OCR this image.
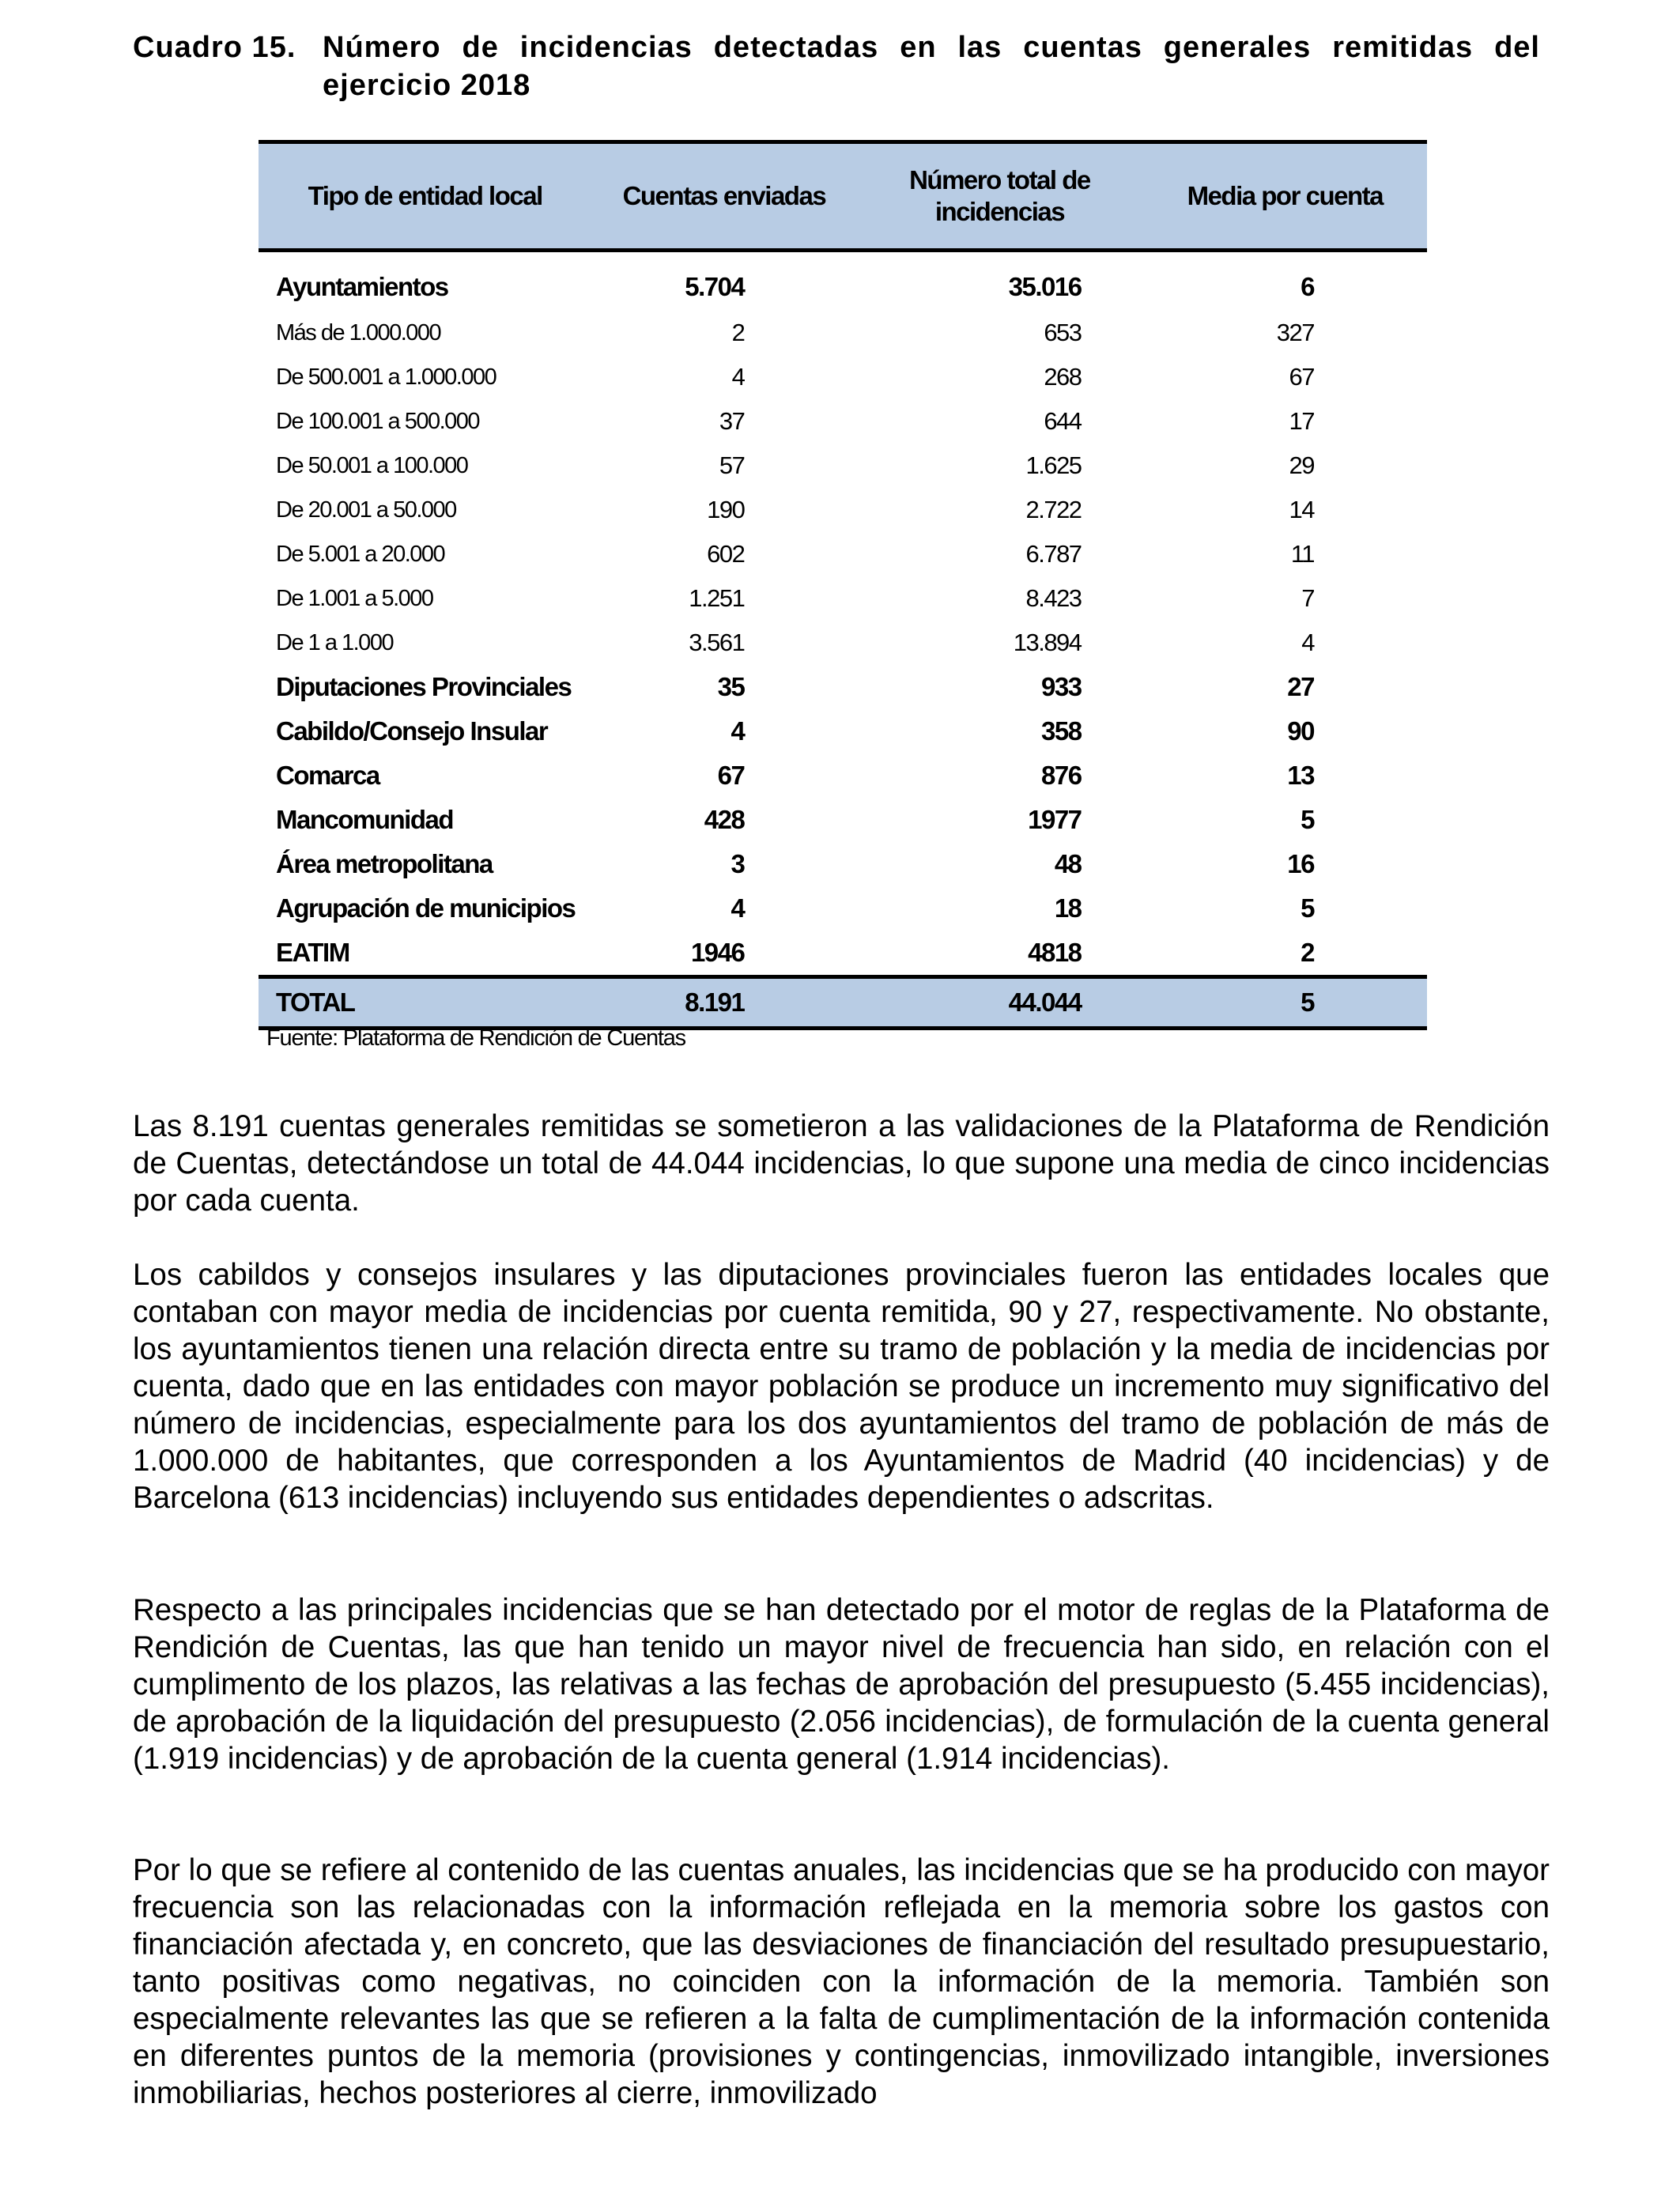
Cuadro 15. Número de incidencias detectadas en las cuentas generales remitidas del ejercicio 2018
Tipo de entidad local	Cuentas enviadas	Número total de incidencias	Media por cuenta
Ayuntamientos	5.704	35.016	6
Más de 1.000.000	2	653	327
De 500.001 a 1.000.000	4	268	67
De 100.001 a 500.000	37	644	17
De 50.001 a 100.000	57	1.625	29
De 20.001 a 50.000	190	2.722	14
De 5.001 a 20.000	602	6.787	11
De 1.001 a 5.000	1.251	8.423	7
De 1 a 1.000	3.561	13.894	4
Diputaciones Provinciales	35	933	27
Cabildo/Consejo Insular	4	358	90
Comarca	67	876	13
Mancomunidad	428	1977	5
Área metropolitana	3	48	16
Agrupación de municipios	4	18	5
EATIM	1946	4818	2
TOTAL	8.191	44.044	5
Fuente: Plataforma de Rendición de Cuentas

Las 8.191 cuentas generales remitidas se sometieron a las validaciones de la Plataforma de Rendición de Cuentas, detectándose un total de 44.044 incidencias, lo que supone una media de cinco incidencias por cada cuenta.

Los cabildos y consejos insulares y las diputaciones provinciales fueron las entidades locales que contaban con mayor media de incidencias por cuenta remitida, 90 y 27, respectivamente. No obstante, los ayuntamientos tienen una relación directa entre su tramo de población y la media de incidencias por cuenta, dado que en las entidades con mayor población se produce un incremento muy significativo del número de incidencias, especialmente para los dos ayuntamientos del tramo de población de más de 1.000.000 de habitantes, que corresponden a los Ayuntamientos de Madrid (40 incidencias) y de Barcelona (613 incidencias) incluyendo sus entidades dependientes o adscritas.

Respecto a las principales incidencias que se han detectado por el motor de reglas de la Plataforma de Rendición de Cuentas, las que han tenido un mayor nivel de frecuencia han sido, en relación con el cumplimento de los plazos, las relativas a las fechas de aprobación del presupuesto (5.455 incidencias), de aprobación de la liquidación del presupuesto (2.056 incidencias), de formulación de la cuenta general (1.919 incidencias) y de aprobación de la cuenta general (1.914 incidencias).

Por lo que se refiere al contenido de las cuentas anuales, las incidencias que se ha producido con mayor frecuencia son las relacionadas con la información reflejada en la memoria sobre los gastos con financiación afectada y, en concreto, que las desviaciones de financiación del resultado presupuestario, tanto positivas como negativas, no coinciden con la información de la memoria. También son especialmente relevantes las que se refieren a la falta de cumplimentación de la información contenida en diferentes puntos de la memoria (provisiones y contingencias, inmovilizado intangible, inversiones inmobiliarias, hechos posteriores al cierre, inmovilizado
